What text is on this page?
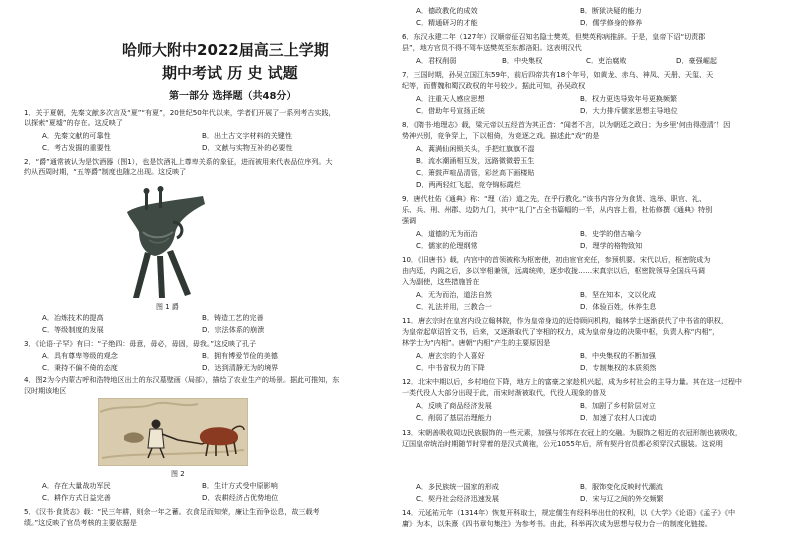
哈师大附中2022届高三上学期
期中考试 历 史 试题
第一部分 选择题（共48分）
1．关于夏朝，先秦文献多次言及“夏”“有夏”，20世纪50年代以来，学者们开展了一系列考古实践，
以探索“夏墟”的存在。这反映了
A．先秦文献的可靠性	B．出土古文字材料的关键性
C．考古发掘的重要性	D．文献与实物互补的必要性
2．“爵”通常被认为是饮酒器（图1），也是饮酒礼上尊卑关系的象征，进而被用来代表品位序列。大
约从西周时期，“五等爵”制度也随之出现。这反映了
图 1 爵
A．冶炼技术的提高	B．铸造工艺的完善
C．等级制度的发展	D．宗法体系的崩溃
3．《论语·子罕》有曰：“子绝四：毋意，毋必，毋固，毋我。”这反映了孔子
A．具有尊卑等级的观念	B．拥有博爱节俭的美德
C．秉持不偏不倚的态度	D．达到清静无为的境界
4．图2为今内蒙古呼和浩特地区出土的东汉墓壁画（局部），描绘了农业生产的场景。据此可推知，东
汉时期该地区
图 2
A．存在大量战功军民	B．生计方式受中原影响
C．耕作方式日益完善	D．农耕经济占优势地位
5．《汉书·食货志》载：“民三年耕，则余一年之蓄。衣食足而知荣，廉让生而争讼息，故三载考
绩。”这反映了官员考核的主要依据是
A．德政教化的成效	B．断狱决疑的能力
C．精通研习的才能	D．儒学修身的修养
6．东汉永建二年（127年）汉顺帝征召知名隐士樊英，但樊英称病推辞。于是，皇帝下诏“切责郡
县”，地方官员不得不驾车送樊英至东都洛阳。这表明汉代
A．君权削弱	B．中央集权	C．吏治腐败	D．豪强崛起
7．三国时期，孙吴立国江东59年，前后四帝共有18个年号，如黄龙、赤乌、神凤、天册、天玺、天
纪等，而曹魏和蜀汉政权的年号较少。据此可知，孙吴政权
A．注重天人感应思想	B．权力更迭导致年号更换频繁
C．借助年号宣扬正统	D．大力排斥儒家思想主导地位
8．《隋书·地理志》载，梁元帝以五经首为其正音：“闻者不言，以为朝廷之政日；为乡里‘何由得澄清’！因
势神兴别，竞争穿上，下以相倚，为竞逐之戏。描述此“戏”的是
A．蒿满仙闲锁关头，手把红旗旗不湿
B．流水潮涌相互发，远路微微碧玉生
C．箫鼓声喧品清管，彩丝高下画楼贴
D．两两轻红飞起，竞夺锦标霞烂
9．唐代杜佑《通典》称：“理（治）道之先，在乎行教化。”该书内容分为食货、选举、职官、礼、
乐、兵、刑、州郡、边防九门，其中“礼门”占全书篇幅的一半，从内容上看，杜佑修撰《通典》特别
强调
A．道德的无为而治	B．史学的借古喻今
C．儒家的伦理纲常	D．理学的格物致知
10．《旧唐书》载，内宫中的首领被称为枢密使，初由宦官充任，参预机要。宋代以后，枢密院成为
由内廷，内阁之后，多以宰相兼领，远离统帅，逐步收拢……宋真宗以后，枢密院领导全国兵马调
入为副使，这些措施旨在
A．无为而治，道法自然	B．坚在知本，文以化成
C．礼法并用，三教合一	D．体验百姓，休养生息
11．唐玄宗时在皇宫内设立翰林院，作为皇帝身边的近侍顾问机构，翰林学士逐渐获代了中书省的职权，
为皇帝起草诏旨文书，后来，又逐渐取代了宰相的权力，成为皇帝身边的决策中枢，负责人称“内相”，
林学士为“内相”。唐朝“内相”产生的主要原因是
A．唐玄宗的个人喜好	B．中央集权的不断加强
C．中书省权力的下降	D．专制集权的本质须然
12．北宋中期以后，乡村地位下降，地方上的富豪之家趁机兴起，成为乡村社会的主导力量。其在这一过程中
一类代役人大部分出现于此，而宋时渐被取代，代役人现象的普及
A．反映了商品经济发展	B．加剧了乡村阶层对立
C．削弱了基层治理能力	D．加速了农村人口流动
13．宋朝善吸收周边民族服饰的一些元素，加强与邻邦在衣冠上的交融。为服饰之相近的衣冠形制也被吸收，
辽国皇帝统治时期随节时穿着的是汉式黄袍，公元1055年后，所有契丹官员都必须穿汉式服装。这说明
A．多民族统一国家的形成	B．服饰变化反映时代潮流
C．契丹社会经济迅速发展	D．宋与辽之间的外交频繁
14．元延祐元年（1314年）恢复开科取士，规定儒生有经科举出仕的权利，以《大学》《论语》《孟子》《中
庸》为本，以朱熹《四书章句集注》为参考书。由此，科举再次成为思想与权力合一的制度化链接。
